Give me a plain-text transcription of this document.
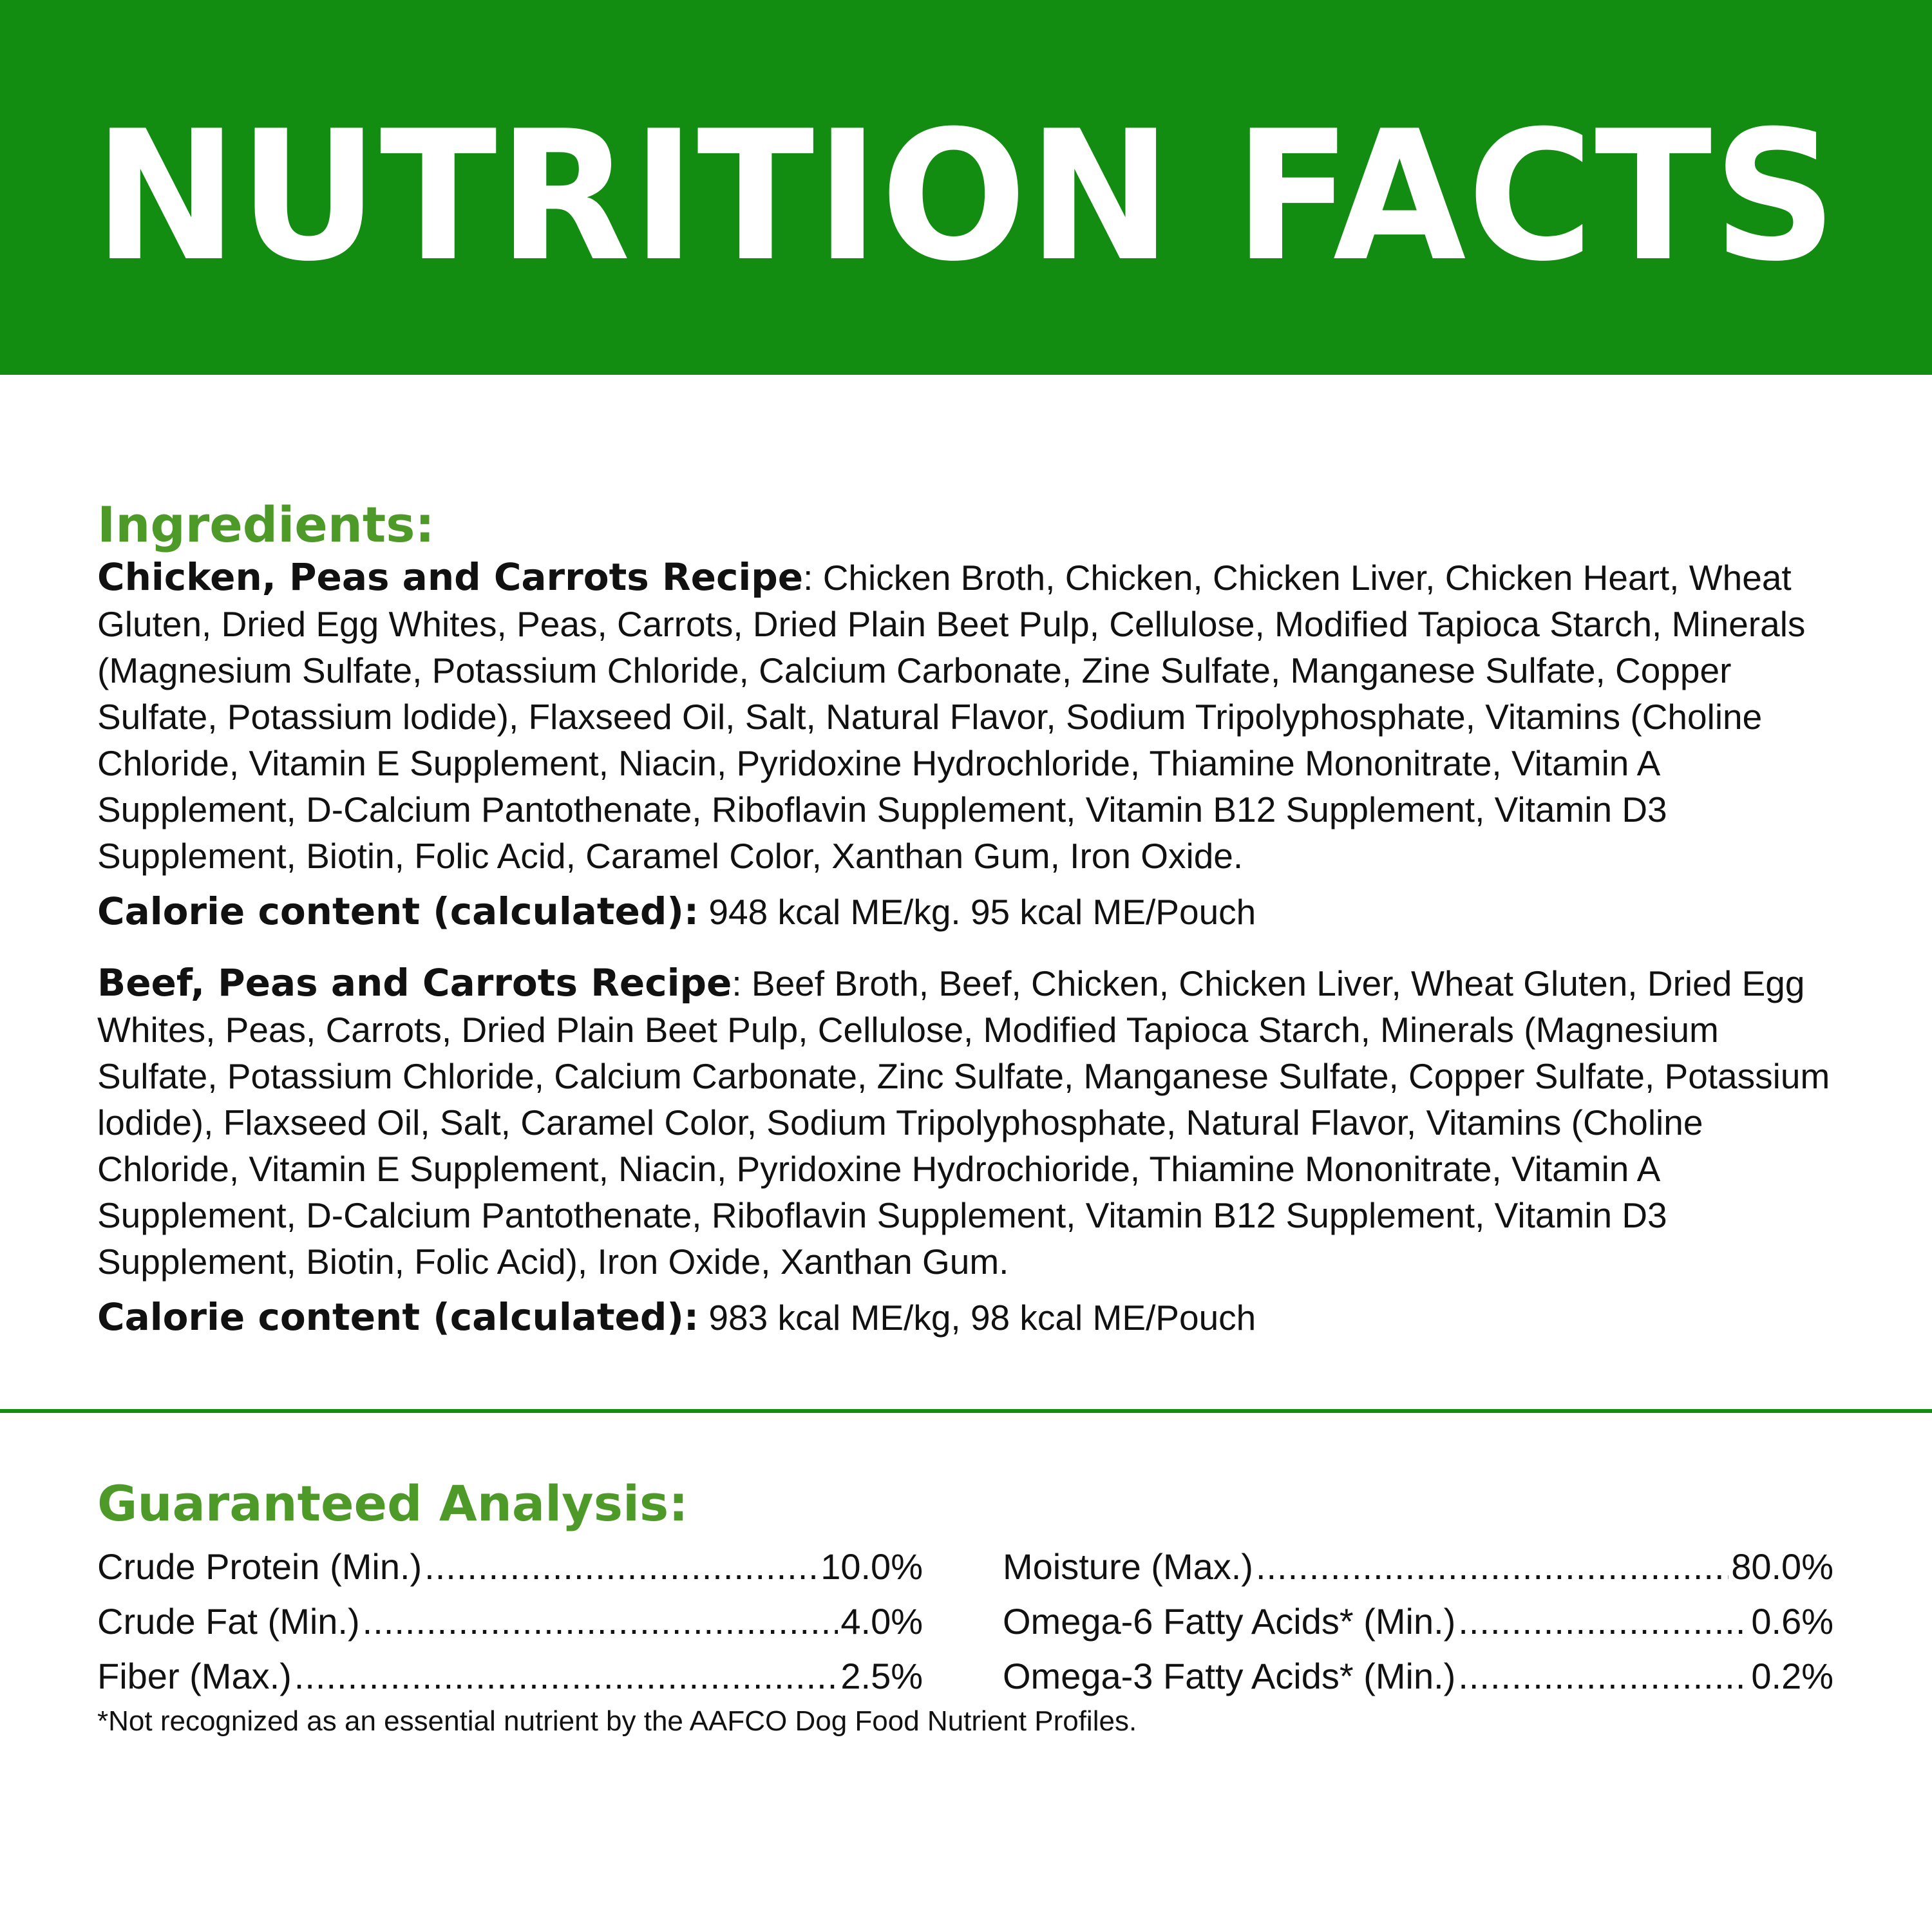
NUTRITION FACTS
Ingredients:

Chicken, Peas and Carrots Recipe: Chicken Broth, Chicken, Chicken Liver, Chicken Heart, Wheat Gluten, Dried Egg Whites, Peas, Carrots, Dried Plain Beet Pulp, Cellulose, Modified Tapioca Starch, Minerals (Magnesium Sulfate, Potassium Chloride, Calcium Carbonate, Zine Sulfate, Manganese Sulfate, Copper Sulfate, Potassium lodide), Flaxseed Oil, Salt, Natural Flavor, Sodium Tripolyphosphate, Vitamins (Choline Chloride, Vitamin E Supplement, Niacin, Pyridoxine Hydrochloride, Thiamine Mononitrate, Vitamin A Supplement, D-Calcium Pantothenate, Riboflavin Supplement, Vitamin B12 Supplement, Vitamin D3 Supplement, Biotin, Folic Acid, Caramel Color, Xanthan Gum, Iron Oxide.

Calorie content (calculated): 948 kcal ME/kg. 95 kcal ME/Pouch

Beef, Peas and Carrots Recipe: Beef Broth, Beef, Chicken, Chicken Liver, Wheat Gluten, Dried Egg Whites, Peas, Carrots, Dried Plain Beet Pulp, Cellulose, Modified Tapioca Starch, Minerals (Magnesium Sulfate, Potassium Chloride, Calcium Carbonate, Zinc Sulfate, Manganese Sulfate, Copper Sulfate, Potassium lodide), Flaxseed Oil, Salt, Caramel Color, Sodium Tripolyphosphate, Natural Flavor, Vitamins (Choline Chloride, Vitamin E Supplement, Niacin, Pyridoxine Hydrochioride, Thiamine Mononitrate, Vitamin A Supplement, D-Calcium Pantothenate, Riboflavin Supplement, Vitamin B12 Supplement, Vitamin D3 Supplement, Biotin, Folic Acid), Iron Oxide, Xanthan Gum.

Calorie content (calculated): 983 kcal ME/kg, 98 kcal ME/Pouch

Guaranteed Analysis:
Crude Protein (Min.) .....	10.0%
Crude Fat (Min.) .....	4.0%
Fiber (Max.) .....	2.5%
Moisture (Max.) .....	80.0%
Omega-6 Fatty Acids* (Min.) .....	0.6%
Omega-3 Fatty Acids* (Min.) .....	0.2%
*Not recognized as an essential nutrient by the AAFCO Dog Food Nutrient Profiles.
